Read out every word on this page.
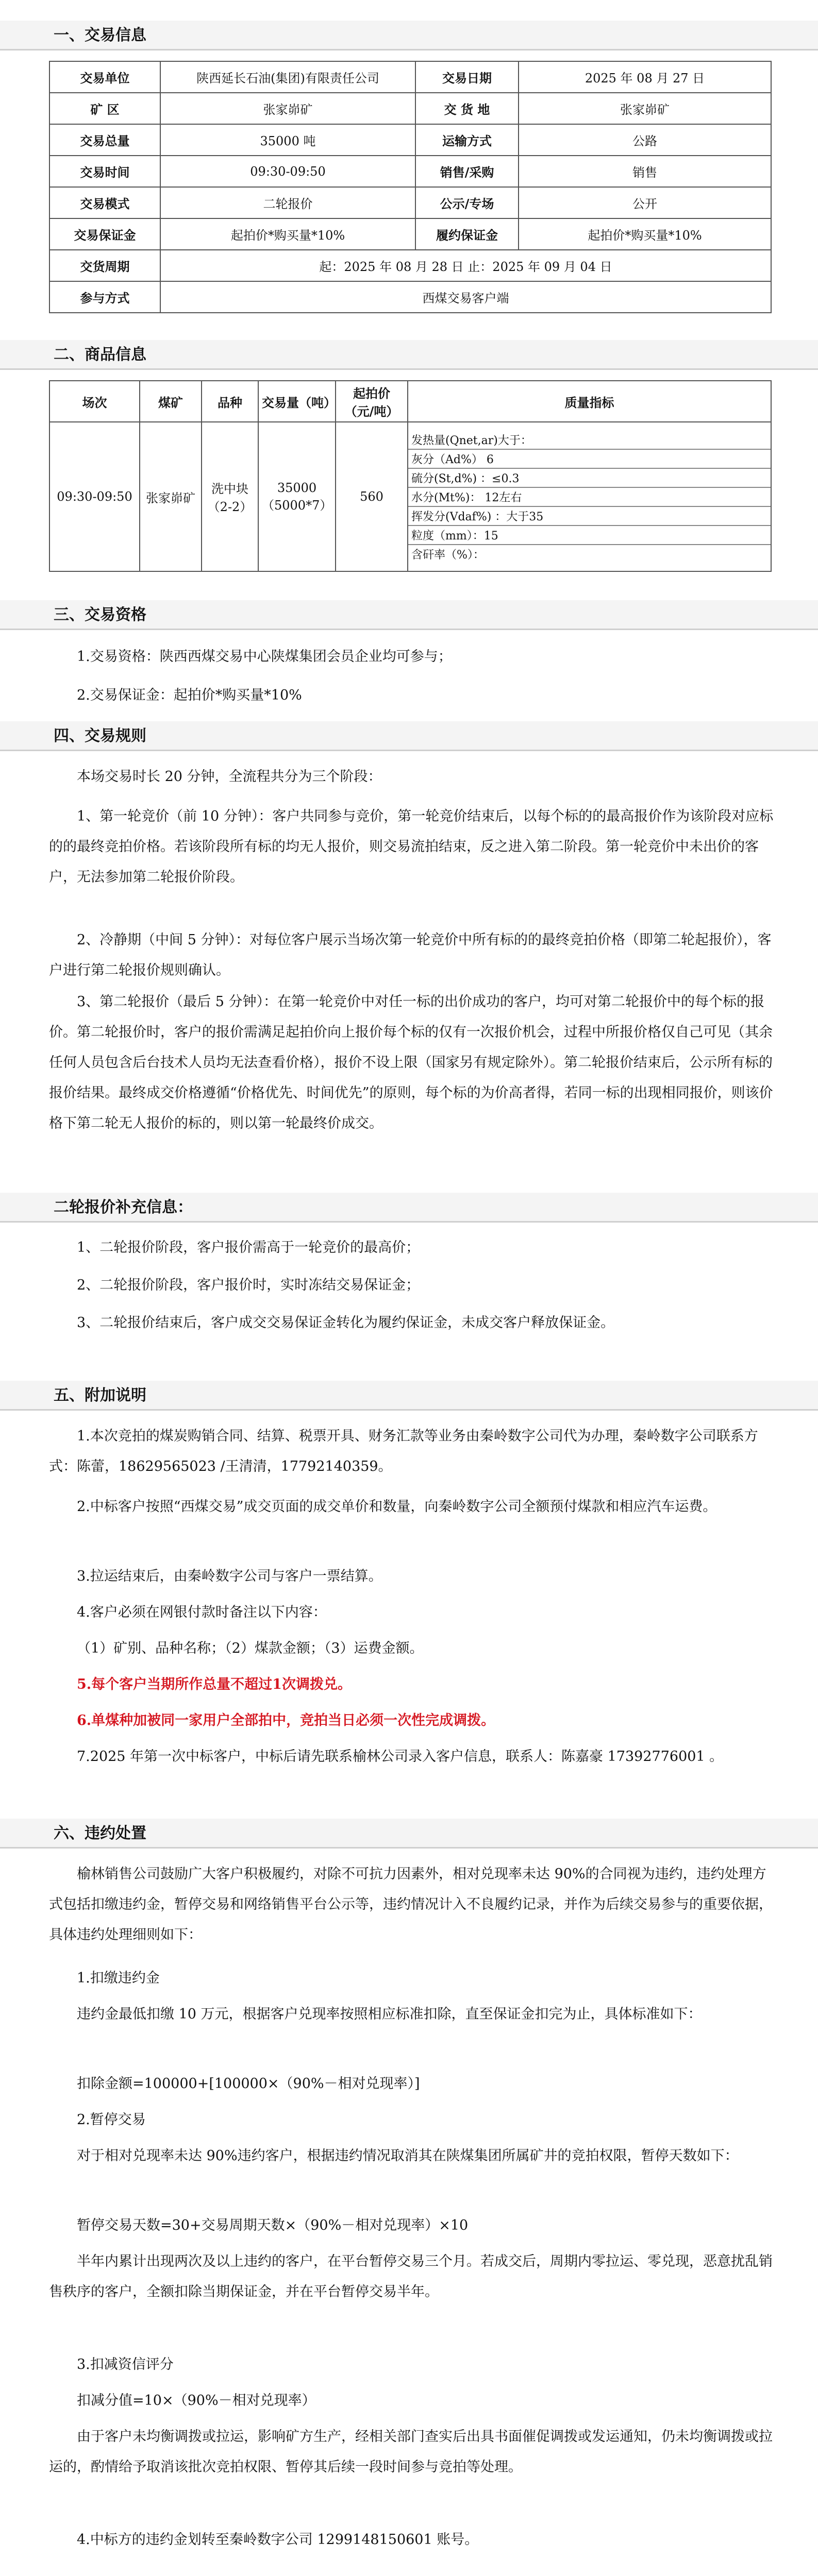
一、交易信息
交易单位	陕西延长石油(集团)有限责任公司	交易日期	2025 年 08 月 27 日
矿 区	张家峁矿	交 货 地	张家峁矿
交易总量	35000 吨	运输方式	公路
交易时间	09:30-09:50	销售/采购	销售
交易模式	二轮报价	公示/专场	公开
交易保证金	起拍价*购买量*10%	履约保证金	起拍价*购买量*10%
交货周期	起：2025 年 08 月 28 日 止：2025 年 09 月 04 日		
参与方式	西煤交易客户端		
二、商品信息
场次	煤矿	品种	交易量（吨）	起拍价（元/吨）	质量指标
09:30-09:50	张家峁矿	洗中块（2-2）	35000（5000*7）	560	
发热量(Qnet,ar)大于：
灰分（Ad%） 6
硫分(St,d%) ：≤0.3
水分(Mt%)： 12左右
挥发分(Vdaf%) ：大于35
粒度（mm）：15
含矸率（%）：
三、交易资格
1.交易资格：陕西西煤交易中心陕煤集团会员企业均可参与；
2.交易保证金：起拍价*购买量*10%
四、交易规则
本场交易时长 20 分钟，全流程共分为三个阶段：
1、第一轮竞价（前 10 分钟）：客户共同参与竞价，第一轮竞价结束后，以每个标的的最高报价作为该阶段对应标的的最终竞拍价格。若该阶段所有标的均无人报价，则交易流拍结束，反之进入第二阶段。第一轮竞价中未出价的客户，无法参加第二轮报价阶段。
2、冷静期（中间 5 分钟）：对每位客户展示当场次第一轮竞价中所有标的的最终竞拍价格（即第二轮起报价），客户进行第二轮报价规则确认。
3、第二轮报价（最后 5 分钟）：在第一轮竞价中对任一标的出价成功的客户，均可对第二轮报价中的每个标的报价。第二轮报价时，客户的报价需满足起拍价向上报价每个标的仅有一次报价机会，过程中所报价格仅自己可见（其余任何人员包含后台技术人员均无法查看价格），报价不设上限（国家另有规定除外）。第二轮报价结束后，公示所有标的报价结果。最终成交价格遵循“价格优先、时间优先”的原则，每个标的为价高者得，若同一标的出现相同报价，则该价格下第二轮无人报价的标的，则以第一轮最终价成交。
二轮报价补充信息：
1、二轮报价阶段，客户报价需高于一轮竞价的最高价；
2、二轮报价阶段，客户报价时，实时冻结交易保证金；
3、二轮报价结束后，客户成交交易保证金转化为履约保证金，未成交客户释放保证金。
五、附加说明
1.本次竞拍的煤炭购销合同、结算、税票开具、财务汇款等业务由秦岭数字公司代为办理，秦岭数字公司联系方式：陈蕾，18629565023 /王清清，17792140359。
2.中标客户按照“西煤交易”成交页面的成交单价和数量，向秦岭数字公司全额预付煤款和相应汽车运费。
3.拉运结束后，由秦岭数字公司与客户一票结算。
4.客户必须在网银付款时备注以下内容：
（1）矿别、品种名称；（2）煤款金额；（3）运费金额。
5.每个客户当期所作总量不超过1次调拨兑。
6.单煤种加被同一家用户全部拍中，竞拍当日必须一次性完成调拨。
7.2025 年第一次中标客户，中标后请先联系榆林公司录入客户信息，联系人：陈嘉豪 17392776001 。
六、违约处置
榆林销售公司鼓励广大客户积极履约，对除不可抗力因素外，相对兑现率未达 90%的合同视为违约，违约处理方式包括扣缴违约金，暂停交易和网络销售平台公示等，违约情况计入不良履约记录，并作为后续交易参与的重要依据，具体违约处理细则如下：
1.扣缴违约金
违约金最低扣缴 10 万元，根据客户兑现率按照相应标准扣除，直至保证金扣完为止，具体标准如下：
扣除金额=100000+[100000×（90%－相对兑现率）]
2.暂停交易
对于相对兑现率未达 90%违约客户，根据违约情况取消其在陕煤集团所属矿井的竞拍权限，暂停天数如下：
暂停交易天数=30+交易周期天数×（90%－相对兑现率）×10
半年内累计出现两次及以上违约的客户，在平台暂停交易三个月。若成交后，周期内零拉运、零兑现，恶意扰乱销售秩序的客户，全额扣除当期保证金，并在平台暂停交易半年。
3.扣减资信评分
扣减分值=10×（90%－相对兑现率）
由于客户未均衡调拨或拉运，影响矿方生产，经相关部门查实后出具书面催促调拨或发运通知，仍未均衡调拨或拉运的，酌情给予取消该批次竞拍权限、暂停其后续一段时间参与竞拍等处理。
4.中标方的违约金划转至秦岭数字公司 1299148150601 账号。
